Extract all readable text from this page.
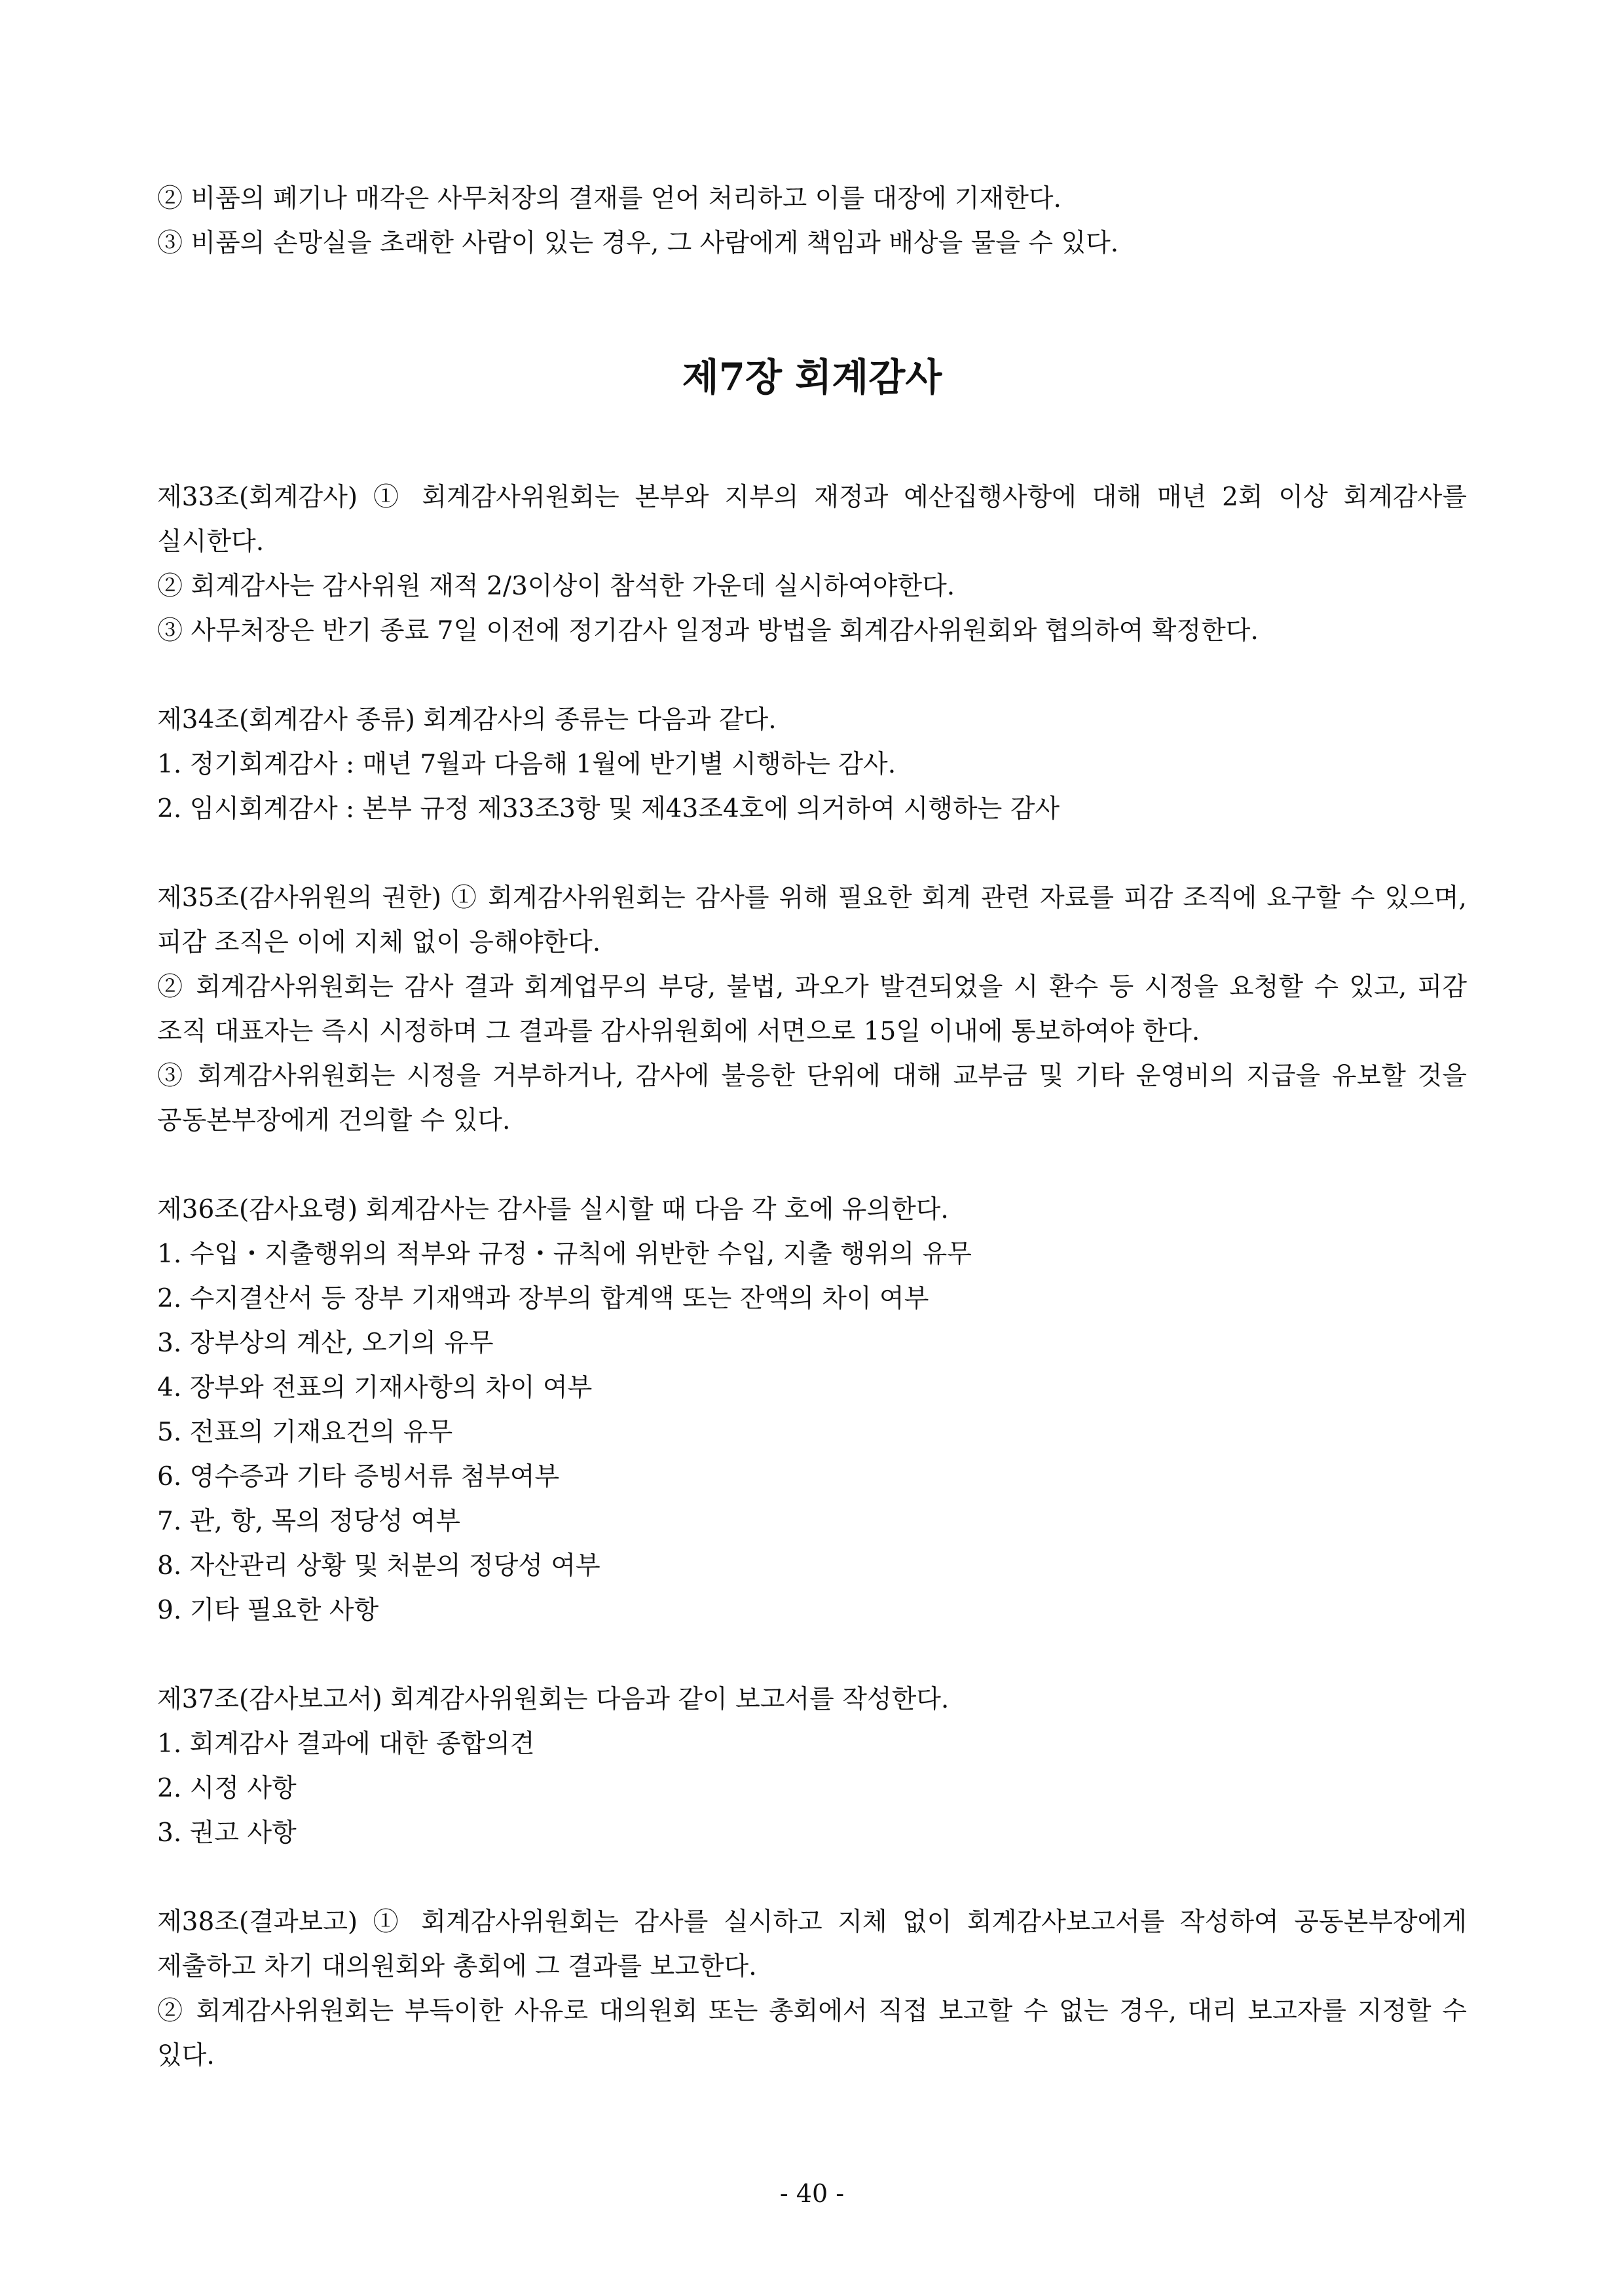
② 비품의 폐기나 매각은 사무처장의 결재를 얻어 처리하고 이를 대장에 기재한다.

③ 비품의 손망실을 초래한 사람이 있는 경우, 그 사람에게 책임과 배상을 물을 수 있다.

제7장 회계감사

제33조(회계감사) ① 회계감사위원회는 본부와 지부의 재정과 예산집행사항에 대해 매년 2회 이상 회계감사를 실시한다.

② 회계감사는 감사위원 재적 2/3이상이 참석한 가운데 실시하여야한다.

③ 사무처장은 반기 종료 7일 이전에 정기감사 일정과 방법을 회계감사위원회와 협의하여 확정한다.

제34조(회계감사 종류) 회계감사의 종류는 다음과 같다.

1. 정기회계감사 : 매년 7월과 다음해 1월에 반기별 시행하는 감사.

2. 임시회계감사 : 본부 규정 제33조3항 및 제43조4호에 의거하여 시행하는 감사

제35조(감사위원의 권한) ① 회계감사위원회는 감사를 위해 필요한 회계 관련 자료를 피감 조직에 요구할 수 있으며, 피감 조직은 이에 지체 없이 응해야한다.

② 회계감사위원회는 감사 결과 회계업무의 부당, 불법, 과오가 발견되었을 시 환수 등 시정을 요청할 수 있고, 피감 조직 대표자는 즉시 시정하며 그 결과를 감사위원회에 서면으로 15일 이내에 통보하여야 한다.

③ 회계감사위원회는 시정을 거부하거나, 감사에 불응한 단위에 대해 교부금 및 기타 운영비의 지급을 유보할 것을 공동본부장에게 건의할 수 있다.

제36조(감사요령) 회계감사는 감사를 실시할 때 다음 각 호에 유의한다.

1. 수입・지출행위의 적부와 규정・규칙에 위반한 수입, 지출 행위의 유무

2. 수지결산서 등 장부 기재액과 장부의 합계액 또는 잔액의 차이 여부

3. 장부상의 계산, 오기의 유무

4. 장부와 전표의 기재사항의 차이 여부

5. 전표의 기재요건의 유무

6. 영수증과 기타 증빙서류 첨부여부

7. 관, 항, 목의 정당성 여부

8. 자산관리 상황 및 처분의 정당성 여부

9. 기타 필요한 사항

제37조(감사보고서) 회계감사위원회는 다음과 같이 보고서를 작성한다.

1. 회계감사 결과에 대한 종합의견

2. 시정 사항

3. 권고 사항

제38조(결과보고) ① 회계감사위원회는 감사를 실시하고 지체 없이 회계감사보고서를 작성하여 공동본부장에게 제출하고 차기 대의원회와 총회에 그 결과를 보고한다.

② 회계감사위원회는 부득이한 사유로 대의원회 또는 총회에서 직접 보고할 수 없는 경우, 대리 보고자를 지정할 수 있다.

- 40 -
